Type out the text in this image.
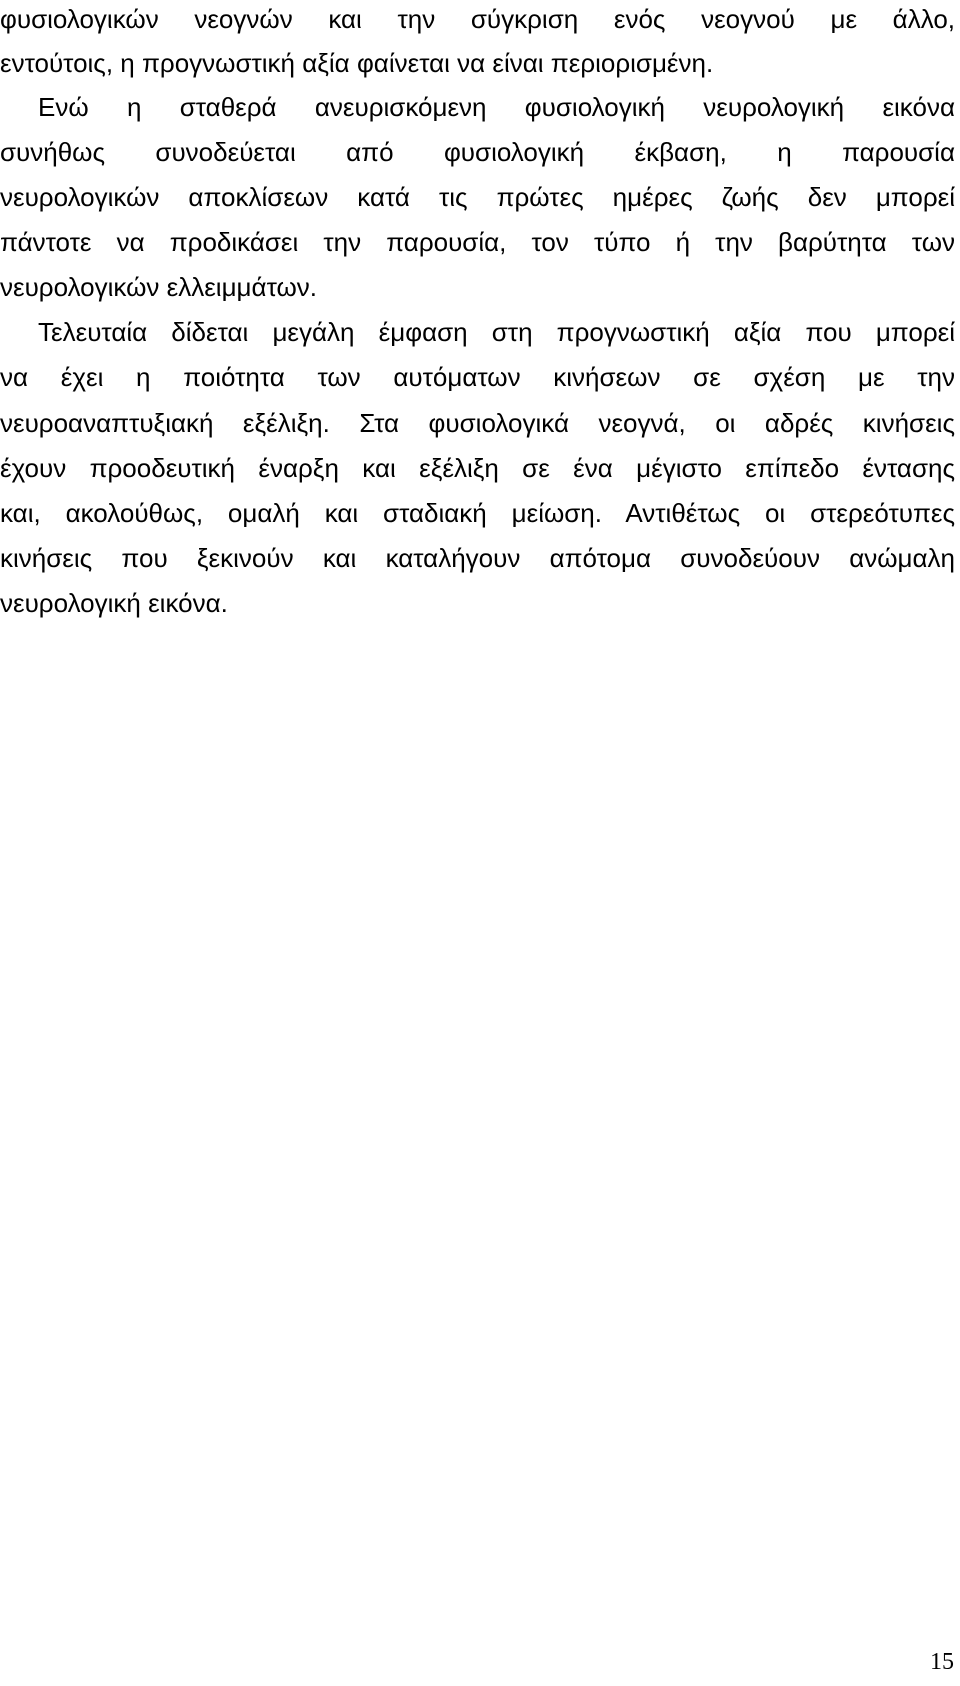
φυσιολογικών νεογνών και την σύγκριση ενός νεογνού με άλλο,
εντούτοις, η προγνωστική αξία φαίνεται να είναι περιορισμένη.
Ενώ η σταθερά ανευρισκόμενη φυσιολογική νευρολογική εικόνα
συνήθως συνοδεύεται από φυσιολογική έκβαση, η παρουσία
νευρολογικών αποκλίσεων κατά τις πρώτες ημέρες ζωής δεν μπορεί
πάντοτε να προδικάσει την παρουσία, τον τύπο ή την βαρύτητα των
νευρολογικών ελλειμμάτων.
Τελευταία δίδεται μεγάλη έμφαση στη προγνωστική αξία που μπορεί
να έχει η ποιότητα των αυτόματων κινήσεων σε σχέση με την
νευροαναπτυξιακή εξέλιξη. Στα φυσιολογικά νεογνά, οι αδρές κινήσεις
έχουν προοδευτική έναρξη και εξέλιξη σε ένα μέγιστο επίπεδο έντασης
και, ακολούθως, ομαλή και σταδιακή μείωση. Αντιθέτως οι στερεότυπες
κινήσεις που ξεκινούν και καταλήγουν απότομα συνοδεύουν ανώμαλη
νευρολογική εικόνα.
15
